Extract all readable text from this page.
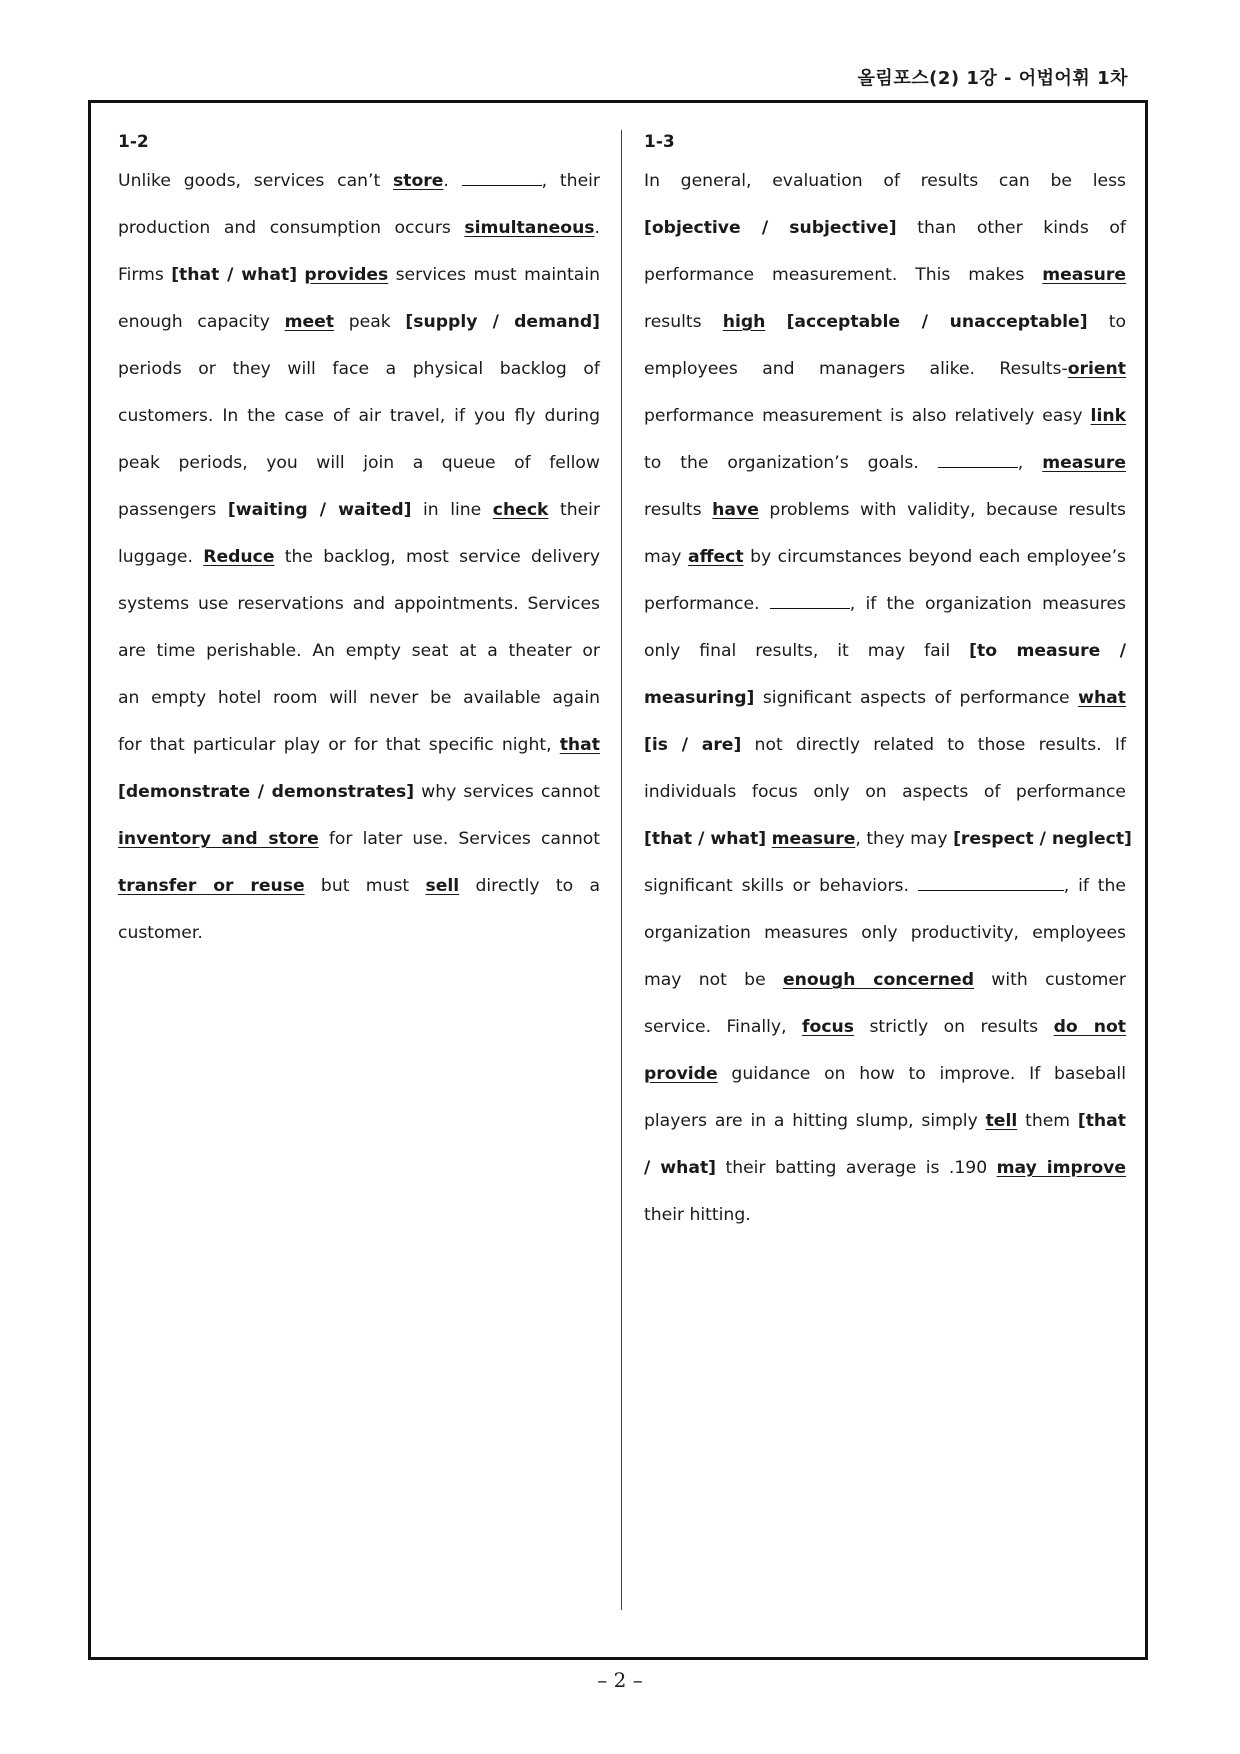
올림포스(2) 1강 - 어법어휘 1차
1-2
Unlike goods, services can’t store.	, their
production and consumption occurs simultaneous.
Firms [that / what] provides services must maintain
enough capacity meet peak [supply / demand]
periods or they will face a physical backlog of
customers. In the case of air travel, if you fly during
peak periods, you will join a queue of fellow
passengers [waiting / waited] in line check their
luggage. Reduce the backlog, most service delivery
systems use reservations and appointments. Services
are time perishable. An empty seat at a theater or
an empty hotel room will never be available again
for that particular play or for that specific night, that
[demonstrate / demonstrates] why services cannot
inventory and store for later use. Services cannot
transfer or reuse but must sell directly to a
customer.
1-3
In general, evaluation of results can be less
[objective / subjective] than other kinds of
performance measurement. This makes measure
results high [acceptable / unacceptable] to
employees and managers alike. Results-orient
performance measurement is also relatively easy link
to the organization’s goals.	, measure
results have problems with validity, because results
may affect by circumstances beyond each employee’s
performance.	, if the organization measures
only final results, it may fail [to measure /
measuring] significant aspects of performance what
[is / are] not directly related to those results. If
individuals focus only on aspects of performance
[that / what] measure, they may [respect / neglect]
significant skills or behaviors.	, if the
organization measures only productivity, employees
may not be enough concerned with customer
service. Finally, focus strictly on results do not
provide guidance on how to improve. If baseball
players are in a hitting slump, simply tell them [that
/ what] their batting average is .190 may improve
their hitting.
– 2 –
